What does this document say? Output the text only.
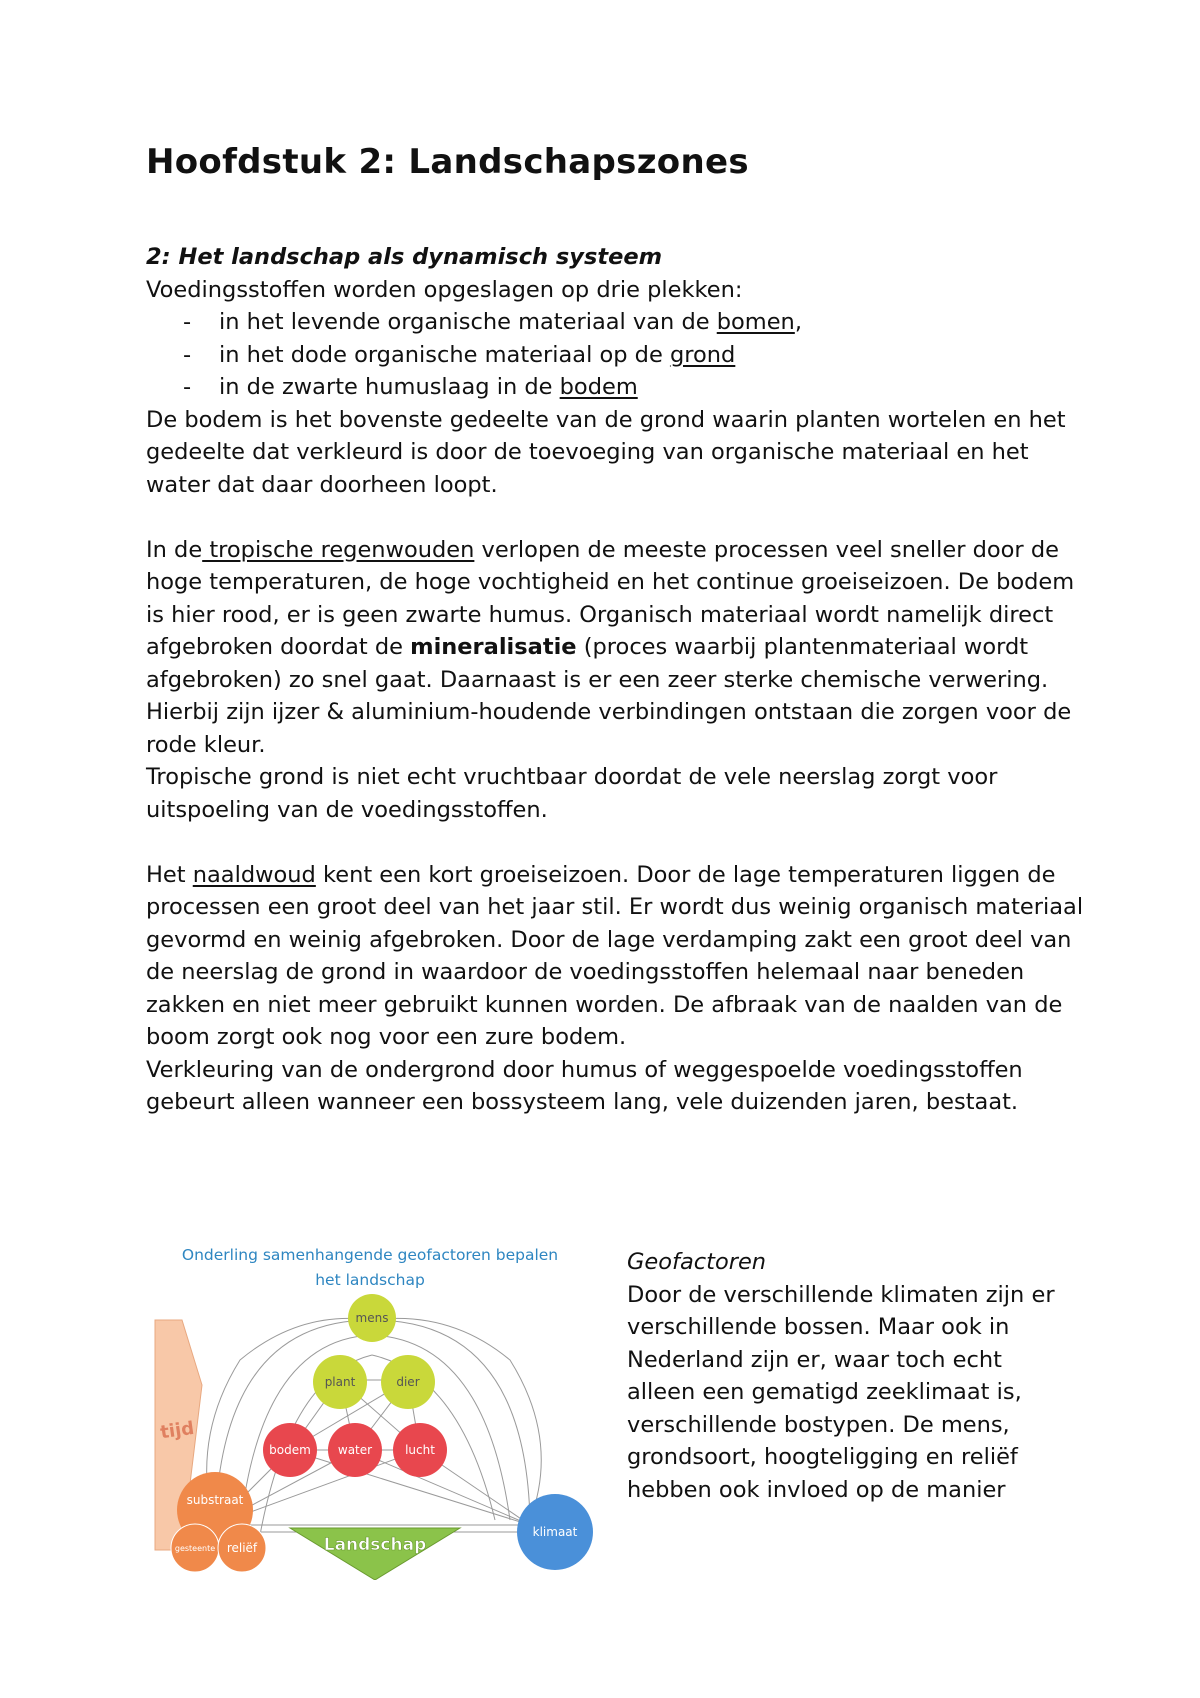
Hoofdstuk 2: Landschapszones

2: Het landschap als dynamisch systeem

Voedingsstoffen worden opgeslagen op drie plekken:

- in het levende organische materiaal van de bomen,
- in het dode organische materiaal op de grond
- in de zwarte humuslaag in de bodem

De bodem is het bovenste gedeelte van de grond waarin planten wortelen en het gedeelte dat verkleurd is door de toevoeging van organische materiaal en het water dat daar doorheen loopt.

In de tropische regenwouden verlopen de meeste processen veel sneller door de hoge temperaturen, de hoge vochtigheid en het continue groeiseizoen. De bodem is hier rood, er is geen zwarte humus. Organisch materiaal wordt namelijk direct afgebroken doordat de mineralisatie (proces waarbij plantenmateriaal wordt afgebroken) zo snel gaat. Daarnaast is er een zeer sterke chemische verwering. Hierbij zijn ijzer & aluminium-houdende verbindingen ontstaan die zorgen voor de rode kleur.

Tropische grond is niet echt vruchtbaar doordat de vele neerslag zorgt voor uitspoeling van de voedingsstoffen.

Het naaldwoud kent een kort groeiseizoen. Door de lage temperaturen liggen de processen een groot deel van het jaar stil. Er wordt dus weinig organisch materiaal gevormd en weinig afgebroken. Door de lage verdamping zakt een groot deel van de neerslag de grond in waardoor de voedingsstoffen helemaal naar beneden zakken en niet meer gebruikt kunnen worden. De afbraak van de naalden van de boom zorgt ook nog voor een zure bodem.

Verkleuring van de ondergrond door humus of weggespoelde voedingsstoffen gebeurt alleen wanneer een bossysteem lang, vele duizenden jaren, bestaat.

Onderling samenhangende geofactoren bepalen
het landschap
tijd
Landschap
mens
plant	dier
bodem water	lucht
substraat
gesteente reliëf
klimaat

Geofactoren

Door de verschillende klimaten zijn er verschillende bossen. Maar ook in Nederland zijn er, waar toch echt alleen een gematigd zeeklimaat is, verschillende bostypen. De mens, grondsoort, hoogteligging en reliëf hebben ook invloed op de manier
